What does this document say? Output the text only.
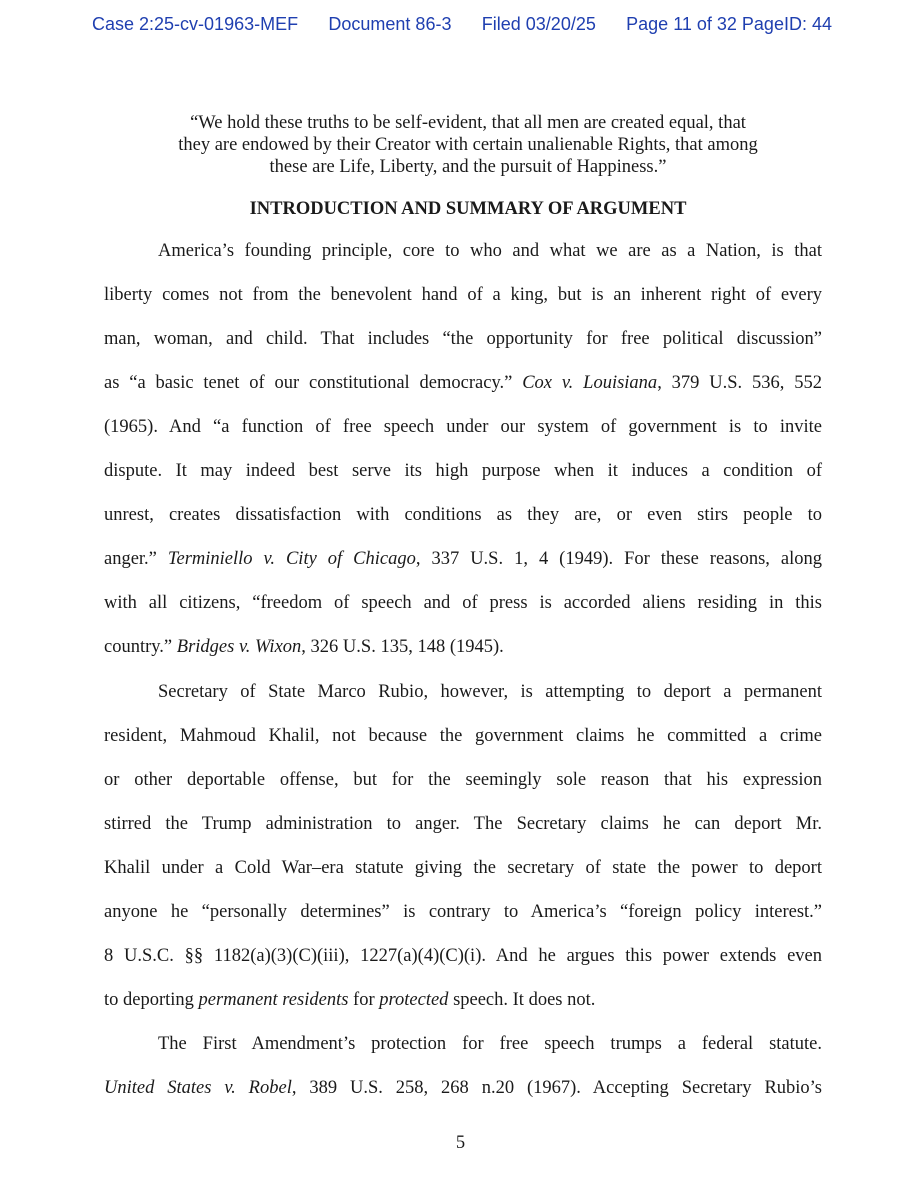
Case 2:25-cv-01963-MEF Document 86-3 Filed 03/20/25 Page 11 of 32 PageID: 44
“We hold these truths to be self-evident, that all men are created equal, that
they are endowed by their Creator with certain unalienable Rights, that among
these are Life, Liberty, and the pursuit of Happiness.”
INTRODUCTION AND SUMMARY OF ARGUMENT
America’s founding principle, core to who and what we are as a Nation, is that
liberty comes not from the benevolent hand of a king, but is an inherent right of every
man, woman, and child. That includes “the opportunity for free political discussion”
as “a basic tenet of our constitutional democracy.” Cox v. Louisiana, 379 U.S. 536, 552
(1965). And “a function of free speech under our system of government is to invite
dispute. It may indeed best serve its high purpose when it induces a condition of
unrest, creates dissatisfaction with conditions as they are, or even stirs people to
anger.” Terminiello v. City of Chicago, 337 U.S. 1, 4 (1949). For these reasons, along
with all citizens, “freedom of speech and of press is accorded aliens residing in this
country.” Bridges v. Wixon, 326 U.S. 135, 148 (1945).
Secretary of State Marco Rubio, however, is attempting to deport a permanent
resident, Mahmoud Khalil, not because the government claims he committed a crime
or other deportable offense, but for the seemingly sole reason that his expression
stirred the Trump administration to anger. The Secretary claims he can deport Mr.
Khalil under a Cold War–era statute giving the secretary of state the power to deport
anyone he “personally determines” is contrary to America’s “foreign policy interest.”
8 U.S.C. §§ 1182(a)(3)(C)(iii), 1227(a)(4)(C)(i). And he argues this power extends even
to deporting permanent residents for protected speech. It does not.
The First Amendment’s protection for free speech trumps a federal statute.
United States v. Robel, 389 U.S. 258, 268 n.20 (1967). Accepting Secretary Rubio’s
5
